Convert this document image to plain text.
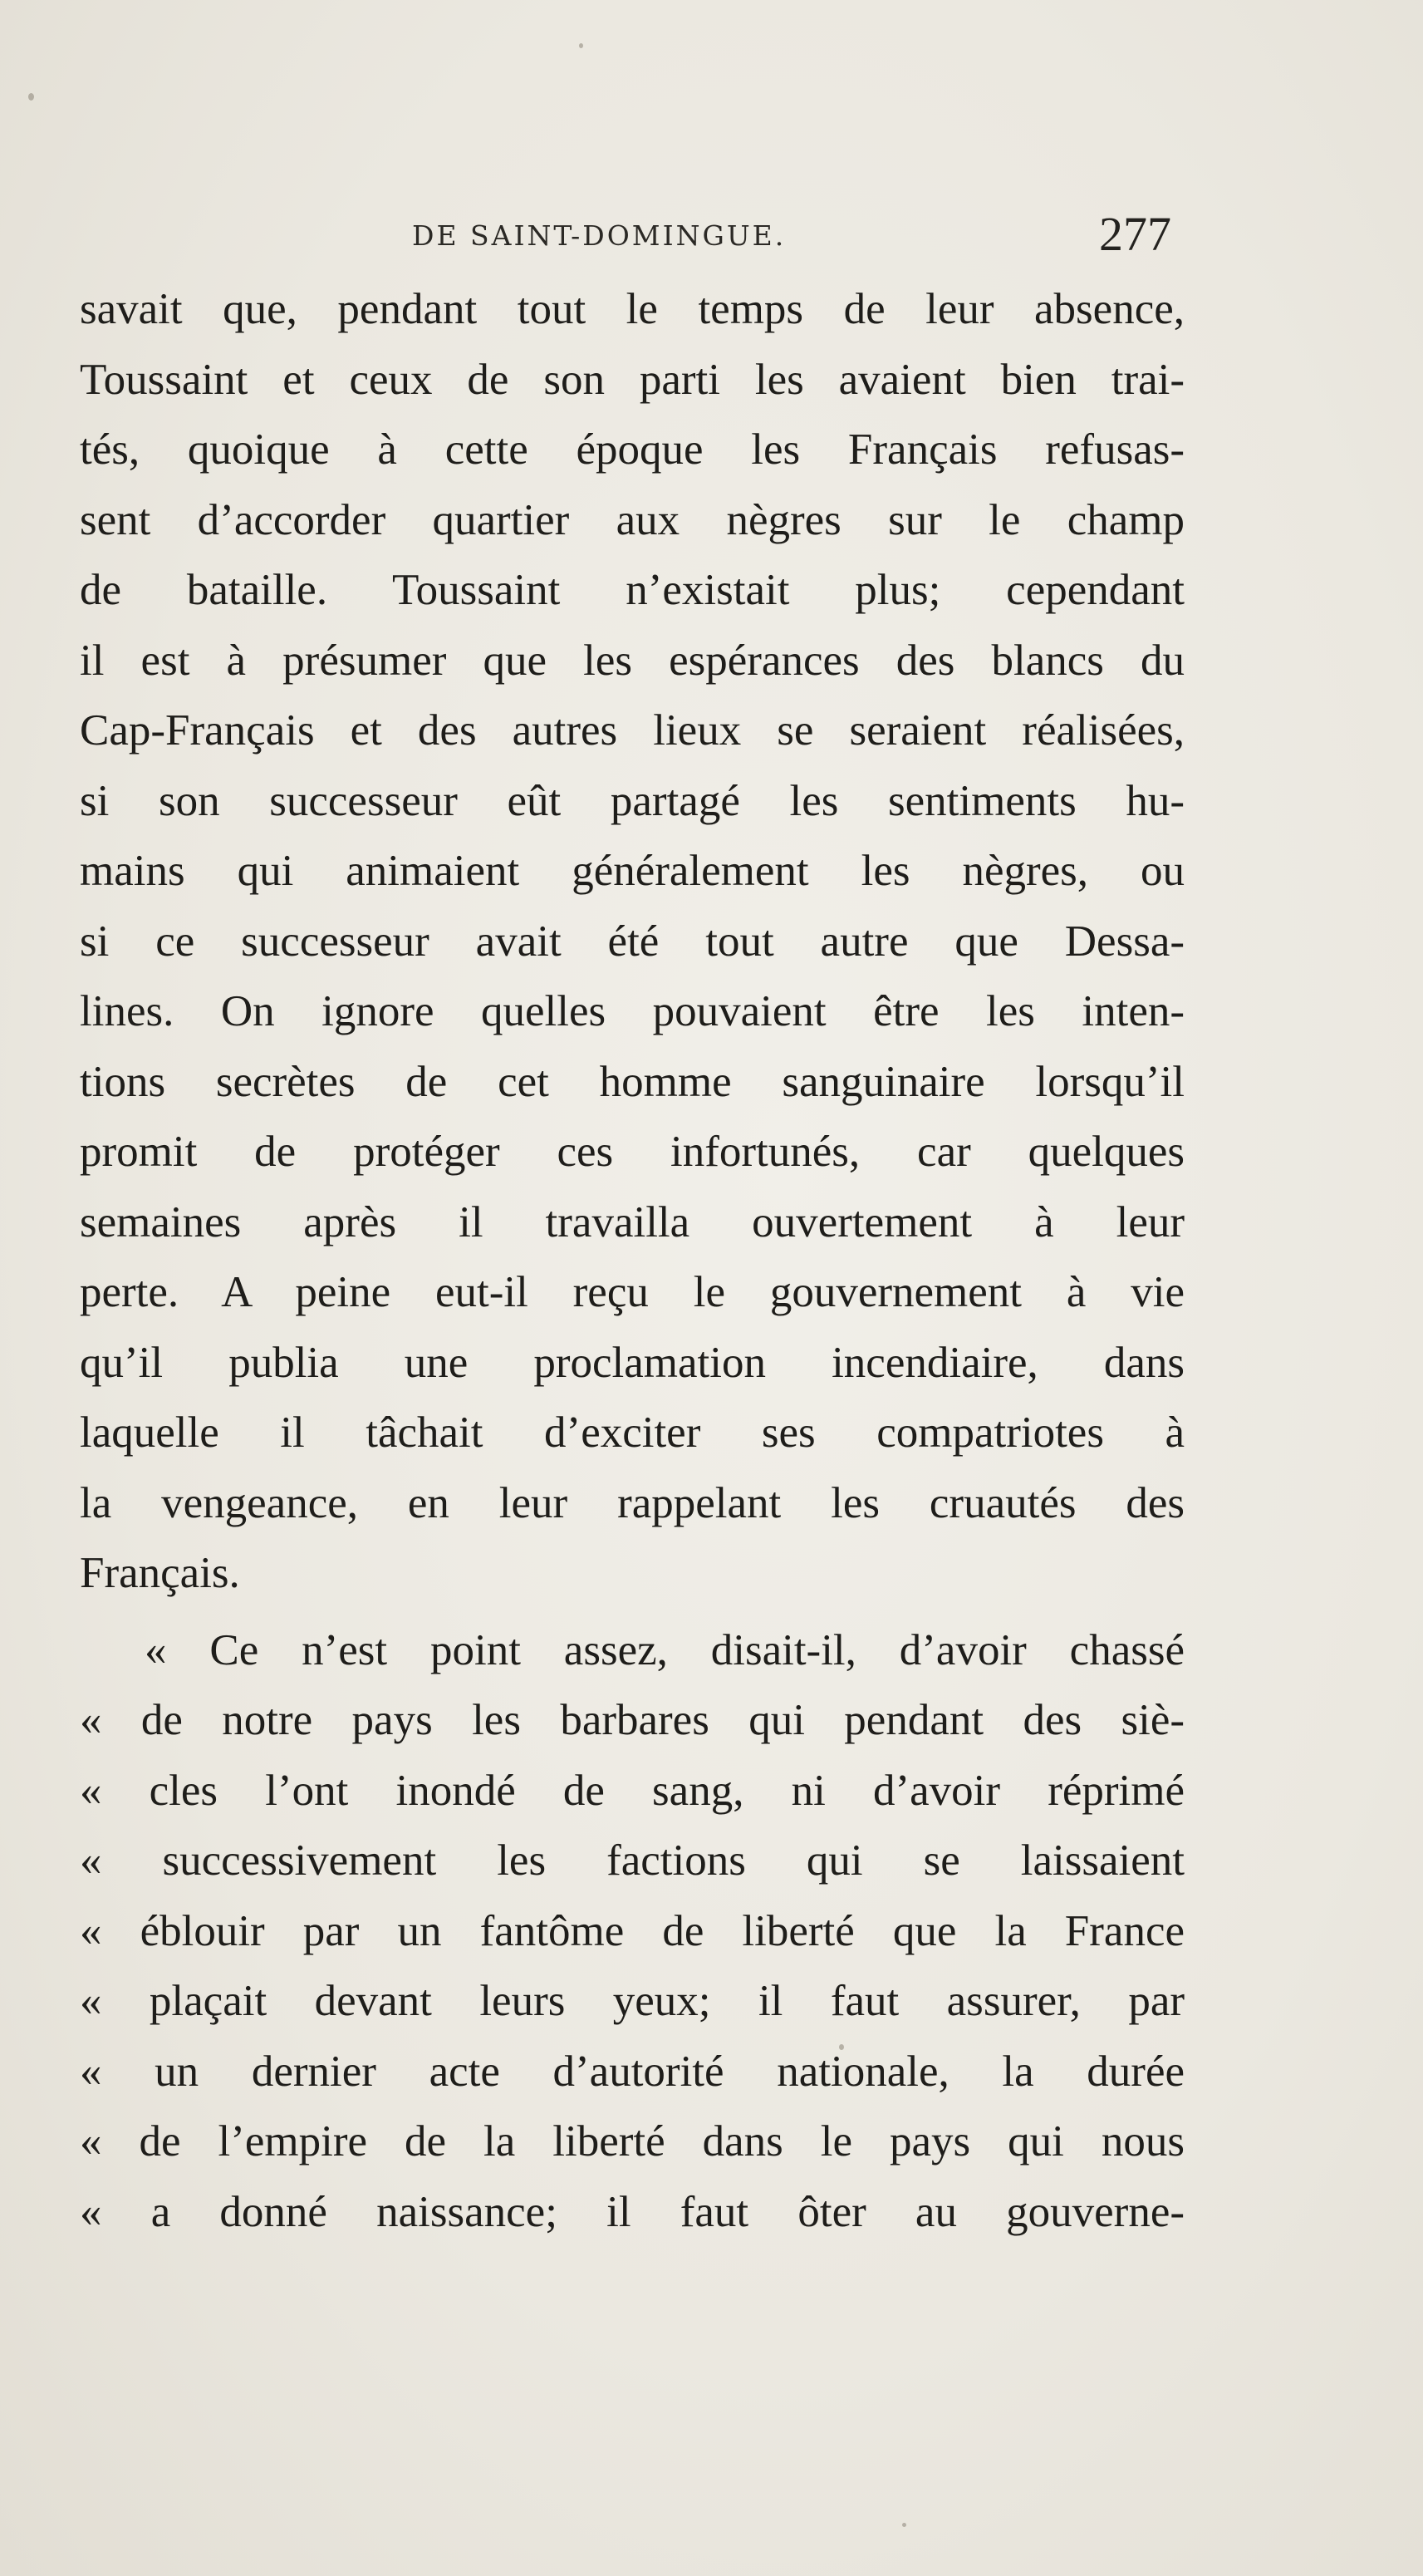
DE SAINT-DOMINGUE.	277
savait que, pendant tout le temps de leur absence,
Toussaint et ceux de son parti les avaient bien trai-
tés, quoique à cette époque les Français refusas-
sent d’accorder quartier aux nègres sur le champ
de bataille. Toussaint n’existait plus; cependant
il est à présumer que les espérances des blancs du
Cap-Français et des autres lieux se seraient réalisées,
si son successeur eût partagé les sentiments hu-
mains qui animaient généralement les nègres, ou
si ce successeur avait été tout autre que Dessa-
lines. On ignore quelles pouvaient être les inten-
tions secrètes de cet homme sanguinaire lorsqu’il
promit de protéger ces infortunés, car quelques
semaines après il travailla ouvertement à leur
perte. A peine eut-il reçu le gouvernement à vie
qu’il publia une proclamation incendiaire, dans
laquelle il tâchait d’exciter ses compatriotes à
la vengeance, en leur rappelant les cruautés des
Français.
« Ce n’est point assez, disait-il, d’avoir chassé
« de notre pays les barbares qui pendant des siè-
« cles l’ont inondé de sang, ni d’avoir réprimé
« successivement les factions qui se laissaient
« éblouir par un fantôme de liberté que la France
« plaçait devant leurs yeux; il faut assurer, par
« un dernier acte d’autorité nationale, la durée
« de l’empire de la liberté dans le pays qui nous
« a donné naissance; il faut ôter au gouverne-
